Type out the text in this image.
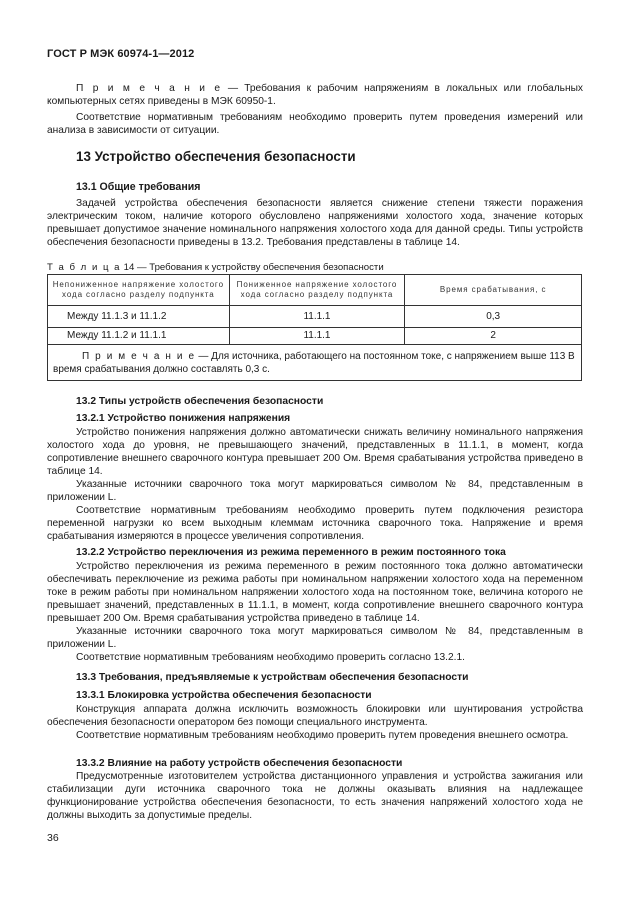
ГОСТ Р МЭК 60974-1—2012
П р и м е ч а н и е — Требования к рабочим напряжениям в локальных или глобальных компьютерных сетях приведены в МЭК 60950-1.
Соответствие нормативным требованиям необходимо проверить путем проведения измерений или анализа в зависимости от ситуации.
13 Устройство обеспечения безопасности
13.1 Общие требования
Задачей устройства обеспечения безопасности является снижение степени тяжести поражения электрическим током, наличие которого обусловлено напряжениями холостого хода, значение которых превышает допустимое значение номинального напряжения холостого хода для данной среды. Типы устройств обеспечения безопасности приведены в 13.2. Требования представлены в таблице 14.
Т а б л и ц а 14 — Требования к устройству обеспечения безопасности
Непониженное напряжение холостого хода согласно разделу подпункта	Пониженное напряжение холостого хода согласно разделу подпункта	Время срабатывания, с
Между 11.1.3 и 11.1.2	11.1.1	0,3
Между 11.1.2 и 11.1.1	11.1.1	2
П р и м е ч а н и е — Для источника, работающего на постоянном токе, с напряжением выше 113 В время срабатывания должно составлять 0,3 с.		
13.2 Типы устройств обеспечения безопасности
13.2.1 Устройство понижения напряжения
Устройство понижения напряжения должно автоматически снижать величину номинального напряжения холостого хода до уровня, не превышающего значений, представленных в 11.1.1, в момент, когда сопротивление внешнего сварочного контура превышает 200 Ом. Время срабатывания устройства приведено в таблице 14.
Указанные источники сварочного тока могут маркироваться символом № 84, представленным в приложении L.
Соответствие нормативным требованиям необходимо проверить путем подключения резистора переменной нагрузки ко всем выходным клеммам источника сварочного тока. Напряжение и время срабатывания измеряются в процессе увеличения сопротивления.
13.2.2 Устройство переключения из режима переменного в режим постоянного тока
Устройство переключения из режима переменного в режим постоянного тока должно автоматически обеспечивать переключение из режима работы при номинальном напряжении холостого хода на переменном токе в режим работы при номинальном напряжении холостого хода на постоянном токе, величина которого не превышает значений, представленных в 11.1.1, в момент, когда сопротивление внешнего сварочного контура превышает 200 Ом. Время срабатывания устройства приведено в таблице 14.
Указанные источники сварочного тока могут маркироваться символом № 84, представленным в приложении L.
Соответствие нормативным требованиям необходимо проверить согласно 13.2.1.
13.3 Требования, предъявляемые к устройствам обеспечения безопасности
13.3.1 Блокировка устройства обеспечения безопасности
Конструкция аппарата должна исключить возможность блокировки или шунтирования устройства обеспечения безопасности оператором без помощи специального инструмента.
Соответствие нормативным требованиям необходимо проверить путем проведения внешнего осмотра.
13.3.2 Влияние на работу устройств обеспечения безопасности
Предусмотренные изготовителем устройства дистанционного управления и устройства зажигания или стабилизации дуги источника сварочного тока не должны оказывать влияния на надлежащее функционирование устройства обеспечения безопасности, то есть значения напряжений холостого хода не должны выходить за допустимые пределы.
36
